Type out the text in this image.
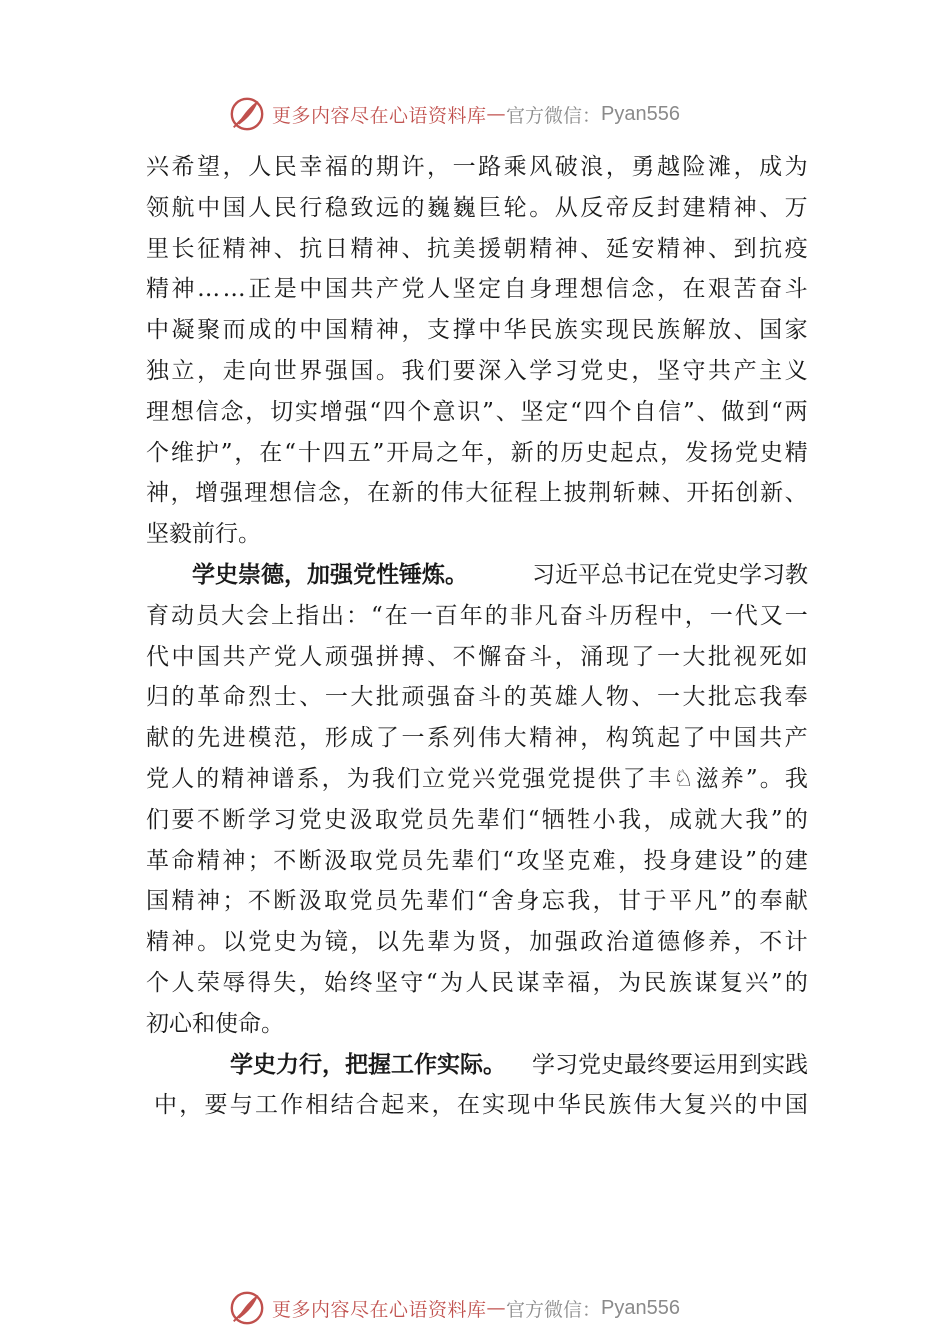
更多内容尽在心语资料库 — 官方微信： Pyan556
兴 希 望 ， 人 民 幸 福 的 期 许 ， 一 路 乘 风 破 浪 ， 勇 越 险 滩 ， 成 为
领 航 中 国 人 民 行 稳 致 远 的 巍 巍 巨 轮 。 从 反 帝 反 封 建 精 神 、 万
里 长 征 精 神 、 抗 日 精 神 、 抗 美 援 朝 精 神 、 延 安 精 神 、 到 抗 疫
精 神 … … 正 是 中 国 共 产 党 人 坚 定 自 身 理 想 信 念 ， 在 艰 苦 奋 斗
中 凝 聚 而 成 的 中 国 精 神 ， 支 撑 中 华 民 族 实 现 民 族 解 放 、 国 家
独 立 ， 走 向 世 界 强 国 。 我 们 要 深 入 学 习 党 史 ， 坚 守 共 产 主 义
理 想 信 念 ， 切 实 增 强 “ 四 个 意 识 ” 、 坚 定 “ 四 个 自 信 ” 、 做 到 “ 两
个 维 护 ” ， 在 “ 十 四 五 ” 开 局 之 年 ， 新 的 历 史 起 点 ， 发 扬 党 史 精
神 ， 增 强 理 想 信 念 ， 在 新 的 伟 大 征 程 上 披 荆 斩 棘 、 开 拓 创 新 、
坚毅前行。
学史崇德，加强党性锤炼。	习近平总书记在党史学习教
育 动 员 大 会 上 指 出 ： “ 在 一 百 年 的 非 凡 奋 斗 历 程 中 ， 一 代 又 一
代 中 国 共 产 党 人 顽 强 拼 搏 、 不 懈 奋 斗 ， 涌 现 了 一 大 批 视 死 如
归 的 革 命 烈 士 、 一 大 批 顽 强 奋 斗 的 英 雄 人 物 、 一 大 批 忘 我 奉
献 的 先 进 模 范 ， 形 成 了 一 系 列 伟 大 精 神 ， 构 筑 起 了 中 国 共 产
党 人 的 精 神 谱 系 ， 为 我 们 立 党 兴 党 强 党 提 供 了 丰 ♘ 滋 养 ” 。 我
们 要 不 断 学 习 党 史 汲 取 党 员 先 辈 们 “ 牺 牲 小 我 ， 成 就 大 我 ” 的
革 命 精 神 ； 不 断 汲 取 党 员 先 辈 们 “ 攻 坚 克 难 ， 投 身 建 设 ” 的 建
国 精 神 ； 不 断 汲 取 党 员 先 辈 们 “ 舍 身 忘 我 ， 甘 于 平 凡 ” 的 奉 献
精 神 。 以 党 史 为 镜 ， 以 先 辈 为 贤 ， 加 强 政 治 道 德 修 养 ， 不 计
个 人 荣 辱 得 失 ， 始 终 坚 守 “ 为 人 民 谋 幸 福 ， 为 民 族 谋 复 兴 ” 的
初心和使命。
学史力行，把握工作实际。 学习党史最终要运用到实践
中 ， 要 与 工 作 相 结 合 起 来 ， 在 实 现 中 华 民 族 伟 大 复 兴 的 中 国
更多内容尽在心语资料库 — 官方微信： Pyan556
